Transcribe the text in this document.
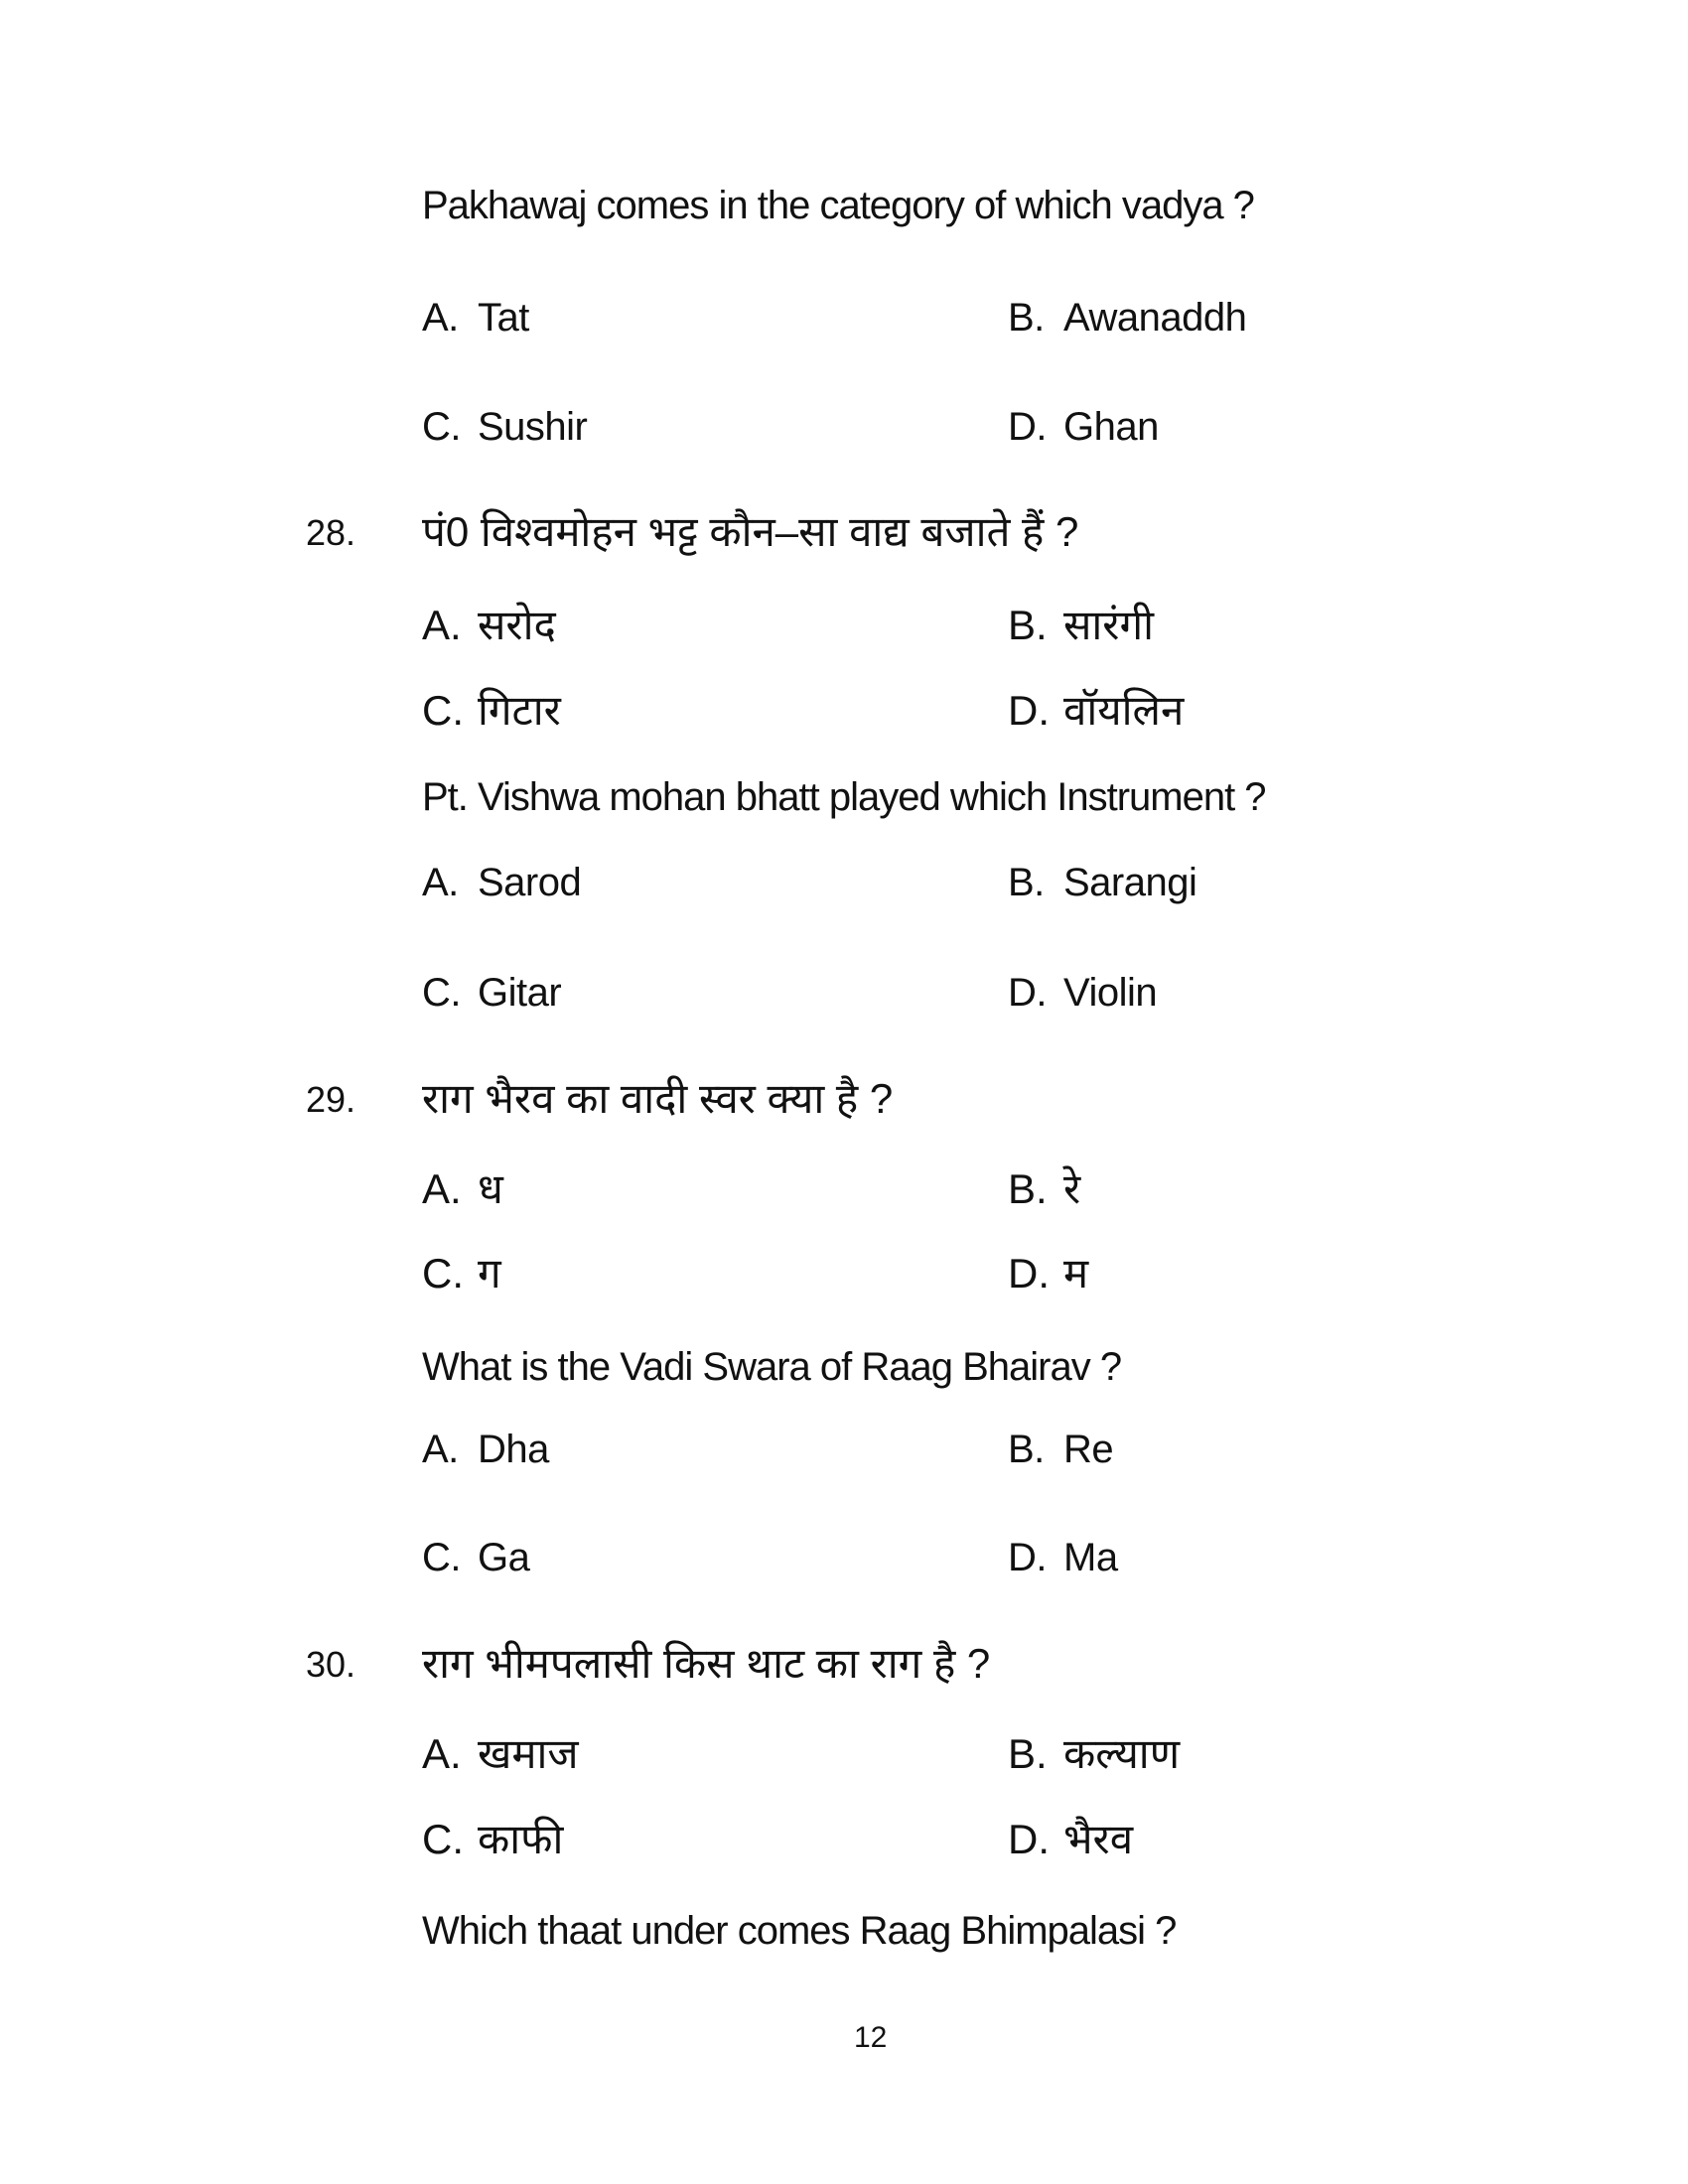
Pakhawaj comes in the category of which vadya ?
A. Tat	B. Awanaddh
C. Sushir	D. Ghan
28. पं0 विश्वमोहन भट्ट कौन–सा वाद्य बजाते हैं ?
A. सरोद	B. सारंगी
C. गिटार	D. वॉयलिन
Pt. Vishwa mohan bhatt played which Instrument ?
A. Sarod	B. Sarangi
C. Gitar	D. Violin
29. राग भैरव का वादी स्वर क्या है ?
A. ध	B. रे
C. ग	D. म
What is the Vadi Swara of Raag Bhairav ?
A. Dha	B. Re
C. Ga	D. Ma
30. राग भीमपलासी किस थाट का राग है ?
A. खमाज	B. कल्याण
C. काफी	D. भैरव
Which thaat under comes Raag Bhimpalasi ?
12
